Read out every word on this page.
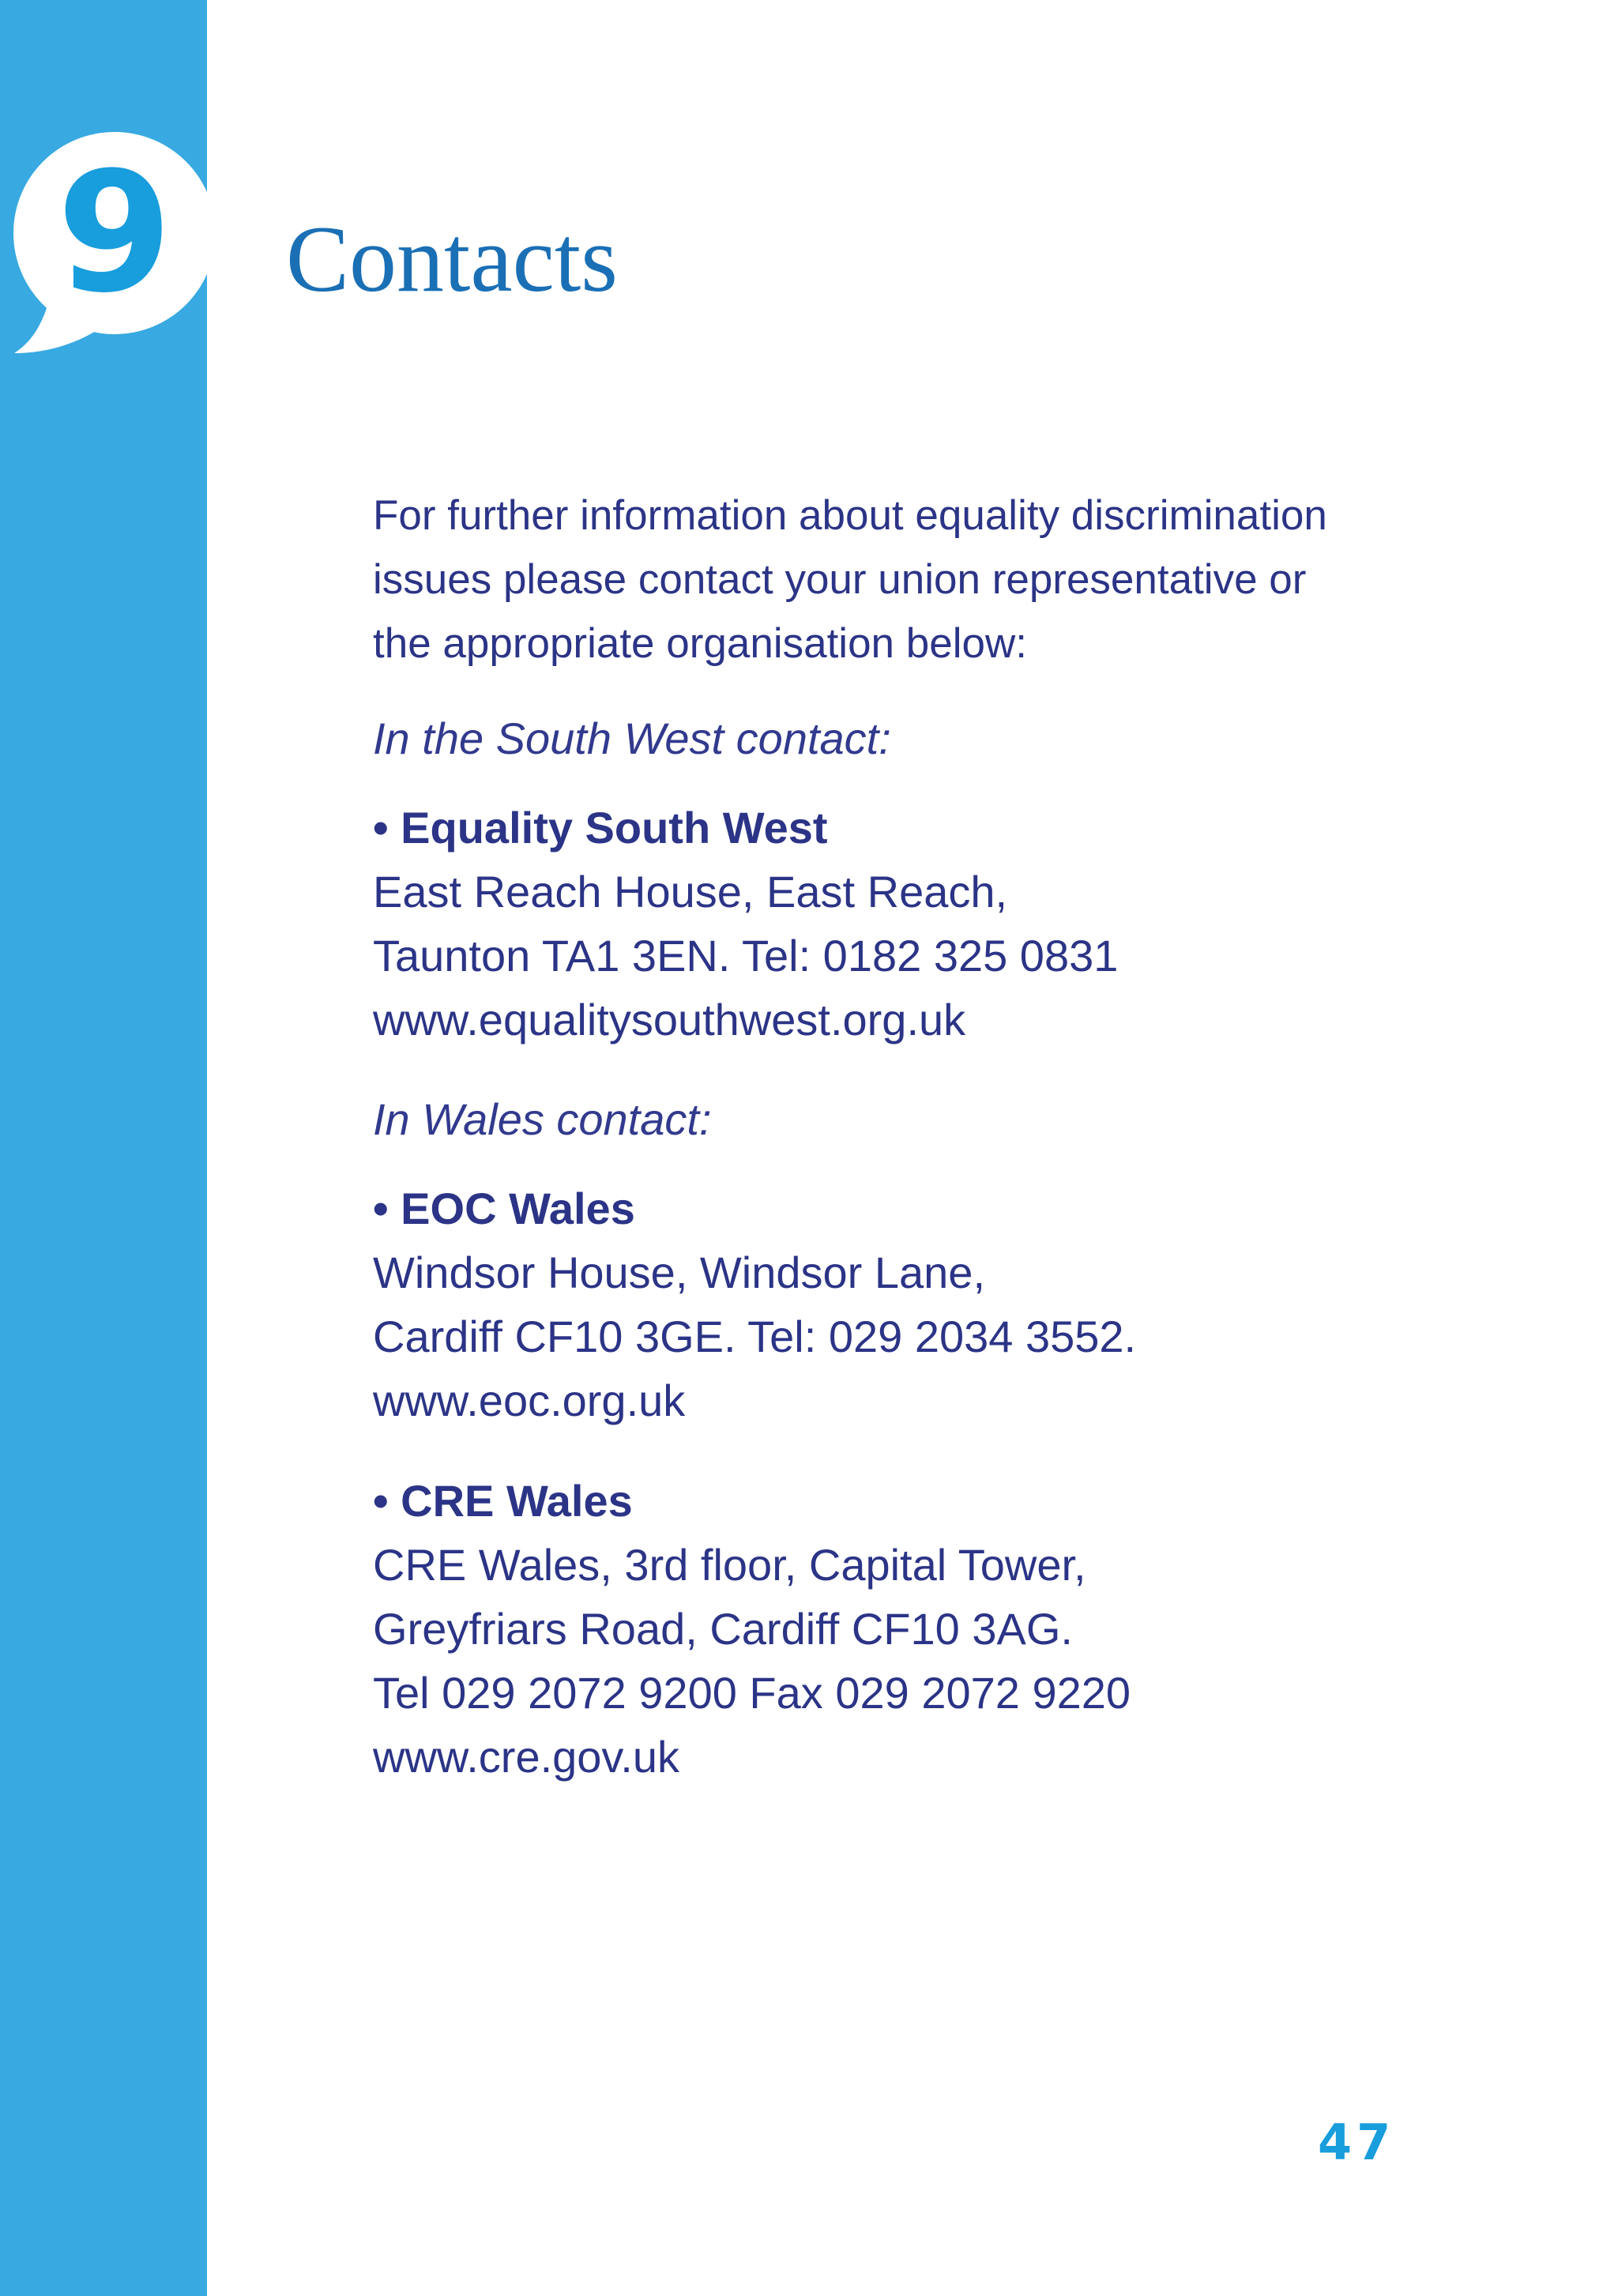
9	Contacts

For further information about equality discrimination
issues please contact your union representative or
the appropriate organisation below:

In the South West contact:

• Equality South West

East Reach House, East Reach,

Taunton TA1 3EN. Tel: 0182 325 0831

www.equalitysouthwest.org.uk

In Wales contact:

• EOC Wales

Windsor House, Windsor Lane,

Cardiff CF10 3GE. Tel: 029 2034 3552.

www.eoc.org.uk

• CRE Wales

CRE Wales, 3rd floor, Capital Tower,

Greyfriars Road, Cardiff CF10 3AG.

Tel 029 2072 9200 Fax 029 2072 9220

www.cre.gov.uk

47
